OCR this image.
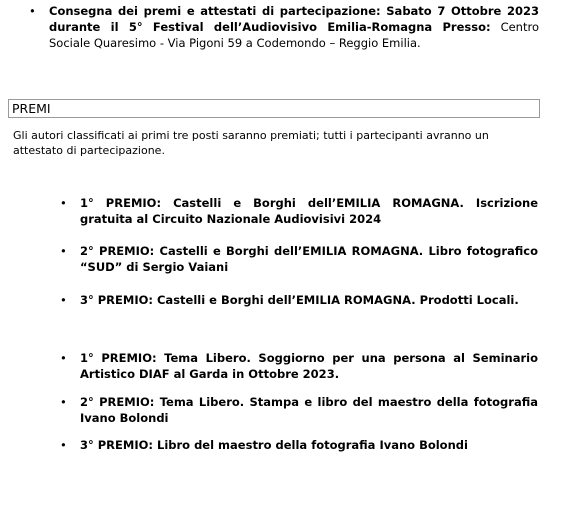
•	Consegna dei premi e attestati di partecipazione: Sabato 7 Ottobre 2023 durante il 5° Festival dell’Audiovisivo Emilia-Romagna Presso: Centro Sociale Quaresimo - Via Pigoni 59 a Codemondo – Reggio Emilia.
PREMI
Gli autori classificati ai primi tre posti saranno premiati; tutti i partecipanti avranno un attestato di partecipazione.
•	1° PREMIO: Castelli e Borghi dell’EMILIA ROMAGNA. Iscrizione gratuita al Circuito Nazionale Audiovisivi 2024
•	2° PREMIO: Castelli e Borghi dell’EMILIA ROMAGNA. Libro fotografico “SUD” di Sergio Vaiani
•	3° PREMIO: Castelli e Borghi dell’EMILIA ROMAGNA. Prodotti Locali.
•	1° PREMIO: Tema Libero. Soggiorno per una persona al Seminario Artistico DIAF al Garda in Ottobre 2023.
•	2° PREMIO: Tema Libero. Stampa e libro del maestro della fotografia Ivano Bolondi
•	3° PREMIO: Libro del maestro della fotografia Ivano Bolondi
